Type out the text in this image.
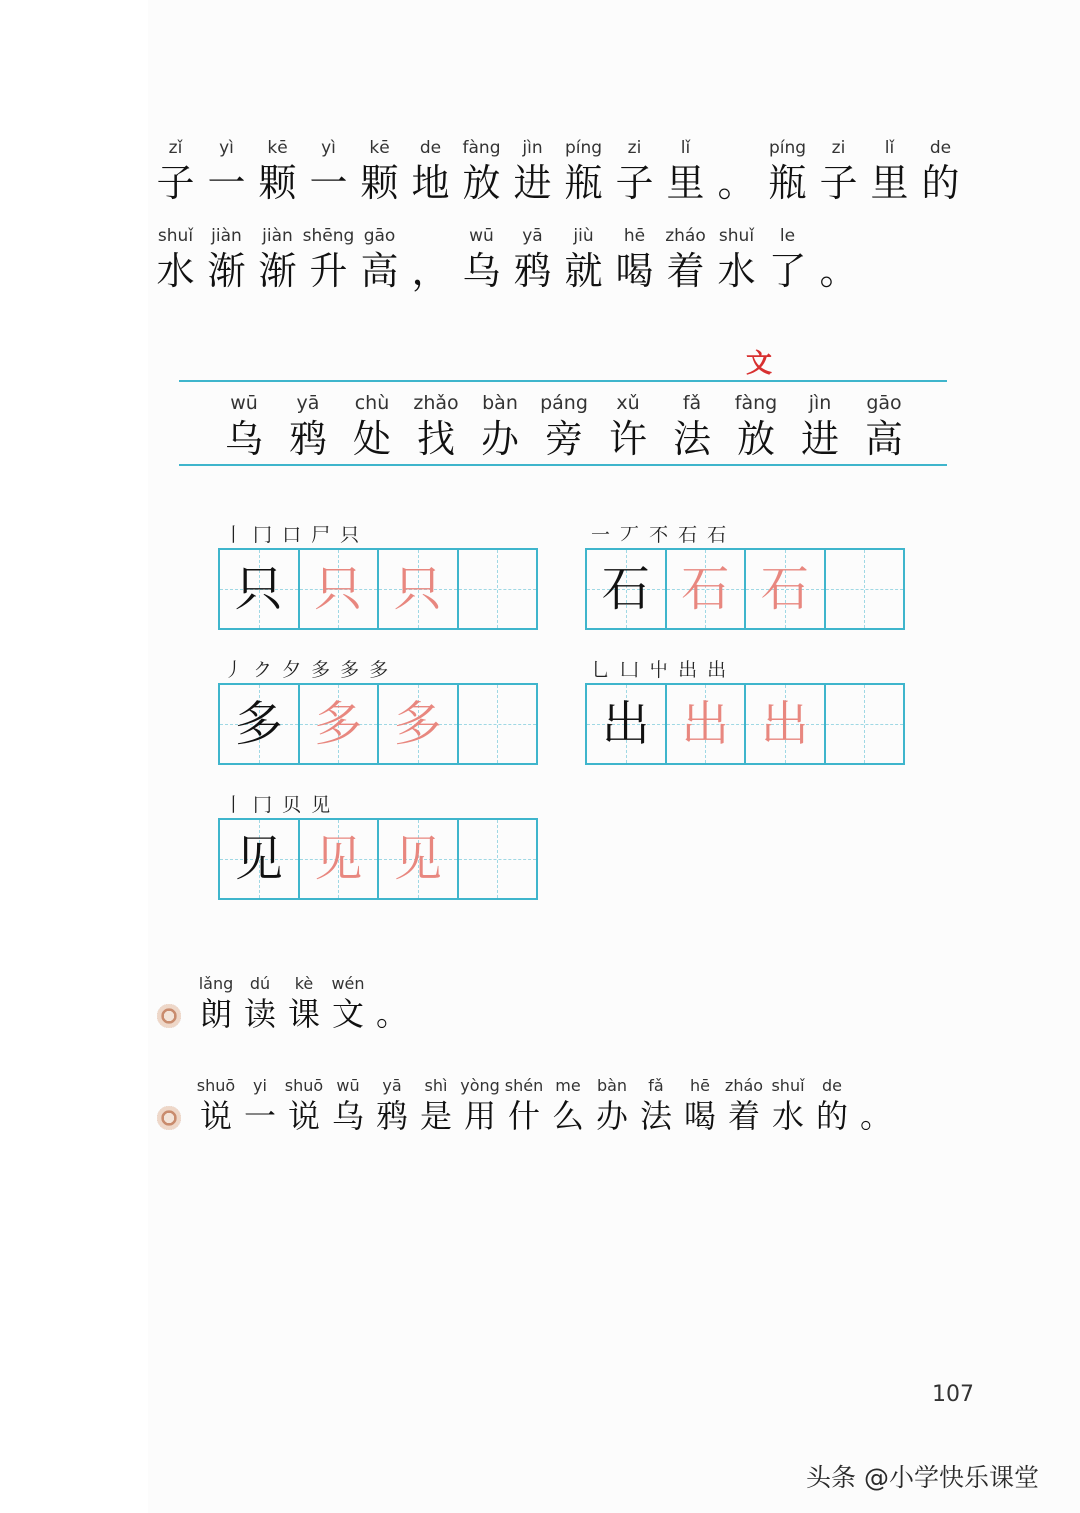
zǐ
子
yì
一
kē
颗
yì
一
kē
颗
de
地
fàng
放
jìn
进
píng
瓶
zi
子
lǐ
里 。
píng
瓶
zi
子
lǐ
里
de
的
shuǐ
水
jiàn
渐
jiàn
渐
shēng
升
gāo
高 ，
wū
乌
yā
鸦
jiù
就
hē
喝
zháo
着
shuǐ
水
le
了 。
文
wū
乌
yā
鸦
chù
处
zhǎo
找
bàn
办
páng
旁
xǔ
许
fǎ
法
fàng
放
jìn
进
gāo
高
丨 冂 口 尸 只
只 只 只
一 丆 不 石 石
石 石 石
丿 ク 夕 多 多 多
多 多 多
乚 凵 屮 出 出
出 出 出
丨 冂 贝 见
见 见 见
lǎng
朗
dú
读
kè
课
wén
文 。
shuō
说
yi
一
shuō
说
wū
乌
yā
鸦
shì
是
yòng
用
shén
什
me
么
bàn
办
fǎ
法
hē
喝
zháo
着
shuǐ
水
de
的 。
107
头条 @小学快乐课堂
